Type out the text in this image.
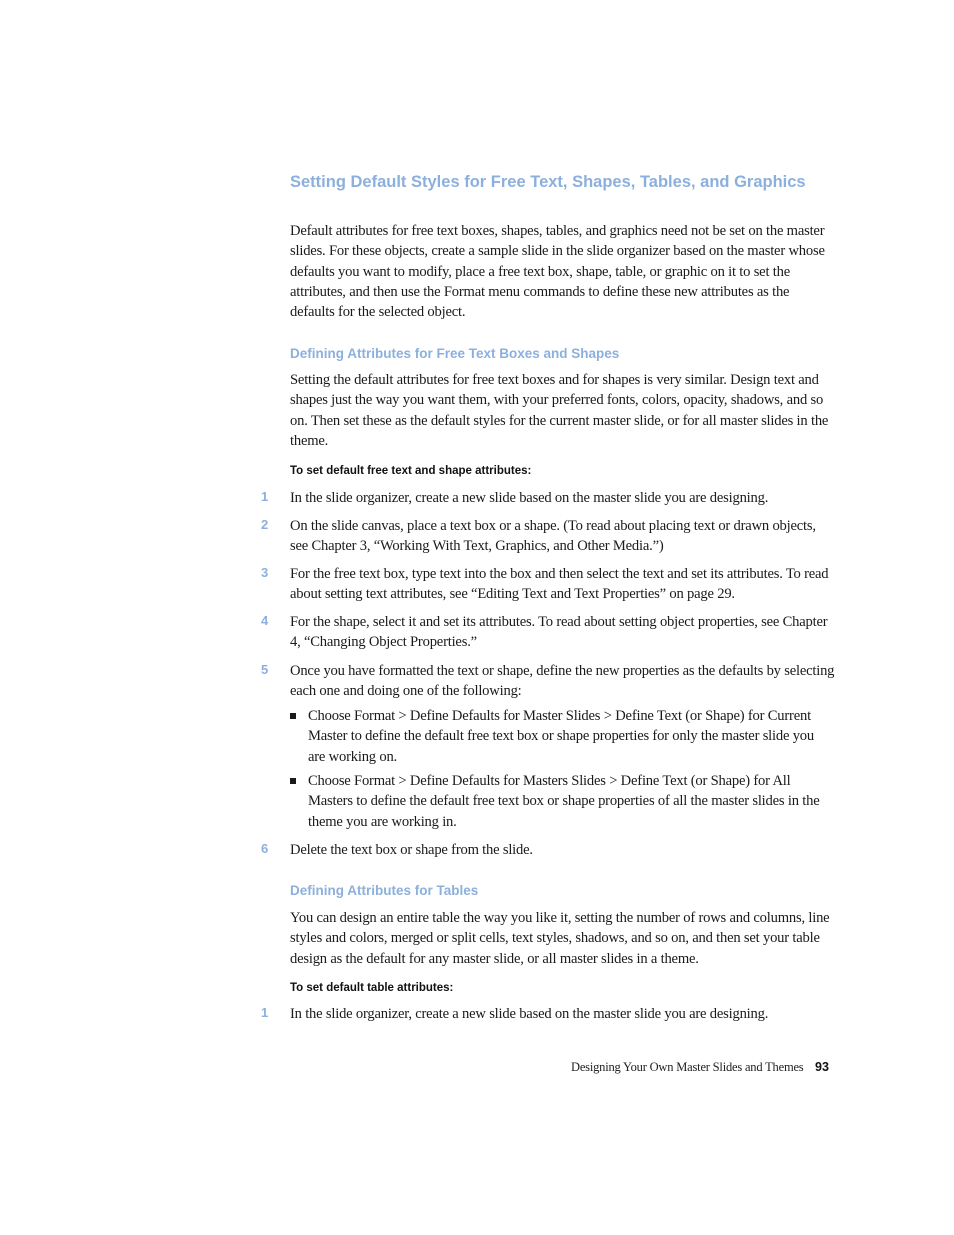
Setting Default Styles for Free Text, Shapes, Tables, and Graphics

Default attributes for free text boxes, shapes, tables, and graphics need not be set on the master slides. For these objects, create a sample slide in the slide organizer based on the master whose defaults you want to modify, place a free text box, shape, table, or graphic on it to set the attributes, and then use the Format menu commands to define these new attributes as the defaults for the selected object.

Defining Attributes for Free Text Boxes and Shapes

Setting the default attributes for free text boxes and for shapes is very similar. Design text and shapes just the way you want them, with your preferred fonts, colors, opacity, shadows, and so on. Then set these as the default styles for the current master slide, or for all master slides in the theme.

To set default free text and shape attributes:
1	In the slide organizer, create a new slide based on the master slide you are designing.

2	On the slide canvas, place a text box or a shape. (To read about placing text or drawn objects, see Chapter 3, “Working With Text, Graphics, and Other Media.”)

3	For the free text box, type text into the box and then select the text and set its attributes. To read about setting text attributes, see “Editing Text and Text Properties” on page 29.

4	For the shape, select it and set its attributes. To read about setting object properties, see Chapter 4, “Changing Object Properties.”

5	Once you have formatted the text or shape, define the new properties as the defaults by selecting each one and doing one of the following:

Choose Format > Define Defaults for Master Slides > Define Text (or Shape) for Current Master to define the default free text box or shape properties for only the master slide you are working on.

Choose Format > Define Defaults for Masters Slides > Define Text (or Shape) for All Masters to define the default free text box or shape properties of all the master slides in the theme you are working in.

6	Delete the text box or shape from the slide.

Defining Attributes for Tables

You can design an entire table the way you like it, setting the number of rows and columns, line styles and colors, merged or split cells, text styles, shadows, and so on, and then set your table design as the default for any master slide, or all master slides in a theme.

To set default table attributes:
1	In the slide organizer, create a new slide based on the master slide you are designing.

Designing Your Own Master Slides and Themes 93
